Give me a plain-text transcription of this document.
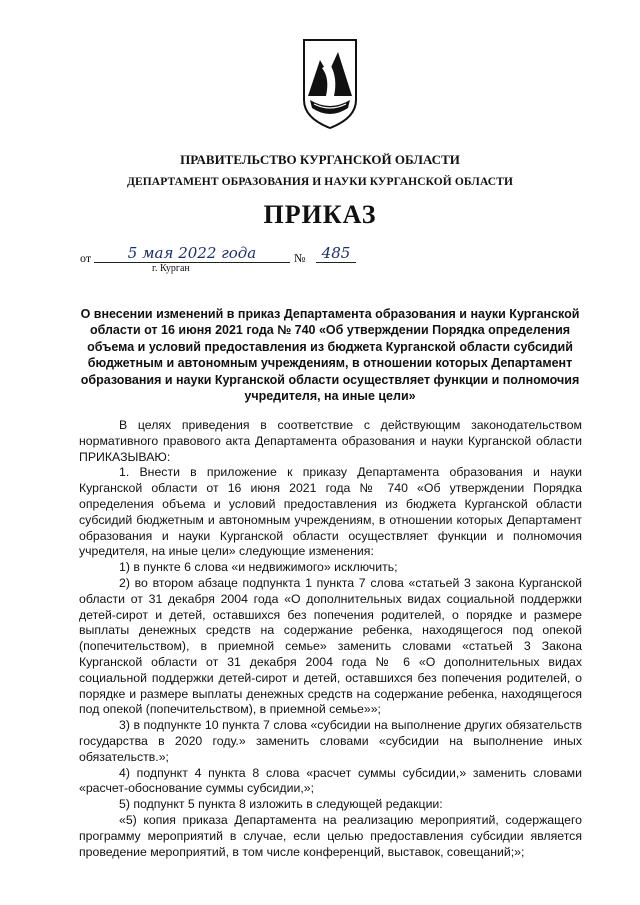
ПРАВИТЕЛЬСТВО КУРГАНСКОЙ ОБЛАСТИ
ДЕПАРТАМЕНТ ОБРАЗОВАНИЯ И НАУКИ КУРГАНСКОЙ ОБЛАСТИ
ПРИКАЗ
от	5 мая 2022 года	№	485
г. Курган
О внесении изменений в приказ Департамента образования и науки Курганской области от 16 июня 2021 года № 740 «Об утверждении Порядка определения объема и условий предоставления из бюджета Курганской области субсидий бюджетным и автономным учреждениям, в отношении которых Департамент образования и науки Курганской области осуществляет функции и полномочия учредителя, на иные цели»

В целях приведения в соответствие с действующим законодательством нормативного правового акта Департамента образования и науки Курганской области ПРИКАЗЫВАЮ:

1. Внести в приложение к приказу Департамента образования и науки Курганской области от 16 июня 2021 года № 740 «Об утверждении Порядка определения объема и условий предоставления из бюджета Курганской области субсидий бюджетным и автономным учреждениям, в отношении которых Департамент образования и науки Курганской области осуществляет функции и полномочия учредителя, на иные цели» следующие изменения:

1) в пункте 6 слова «и недвижимого» исключить;

2) во втором абзаце подпункта 1 пункта 7 слова «статьей 3 закона Курганской области от 31 декабря 2004 года «О дополнительных видах социальной поддержки детей-сирот и детей, оставшихся без попечения родителей, о порядке и размере выплаты денежных средств на содержание ребенка, находящегося под опекой (попечительством), в приемной семье» заменить словами «статьей 3 Закона Курганской области от 31 декабря 2004 года № 6 «О дополнительных видах социальной поддержки детей-сирот и детей, оставшихся без попечения родителей, о порядке и размере выплаты денежных средств на содержание ребенка, находящегося под опекой (попечительством), в приемной семье»»;

3) в подпункте 10 пункта 7 слова «субсидии на выполнение других обязательств государства в 2020 году.» заменить словами «субсидии на выполнение иных обязательств.»;

4) подпункт 4 пункта 8 слова «расчет суммы субсидии,» заменить словами «расчет-обоснование суммы субсидии,»;

5) подпункт 5 пункта 8 изложить в следующей редакции:

«5) копия приказа Департамента на реализацию мероприятий, содержащего программу мероприятий в случае, если целью предоставления субсидии является проведение мероприятий, в том числе конференций, выставок, совещаний;»;
